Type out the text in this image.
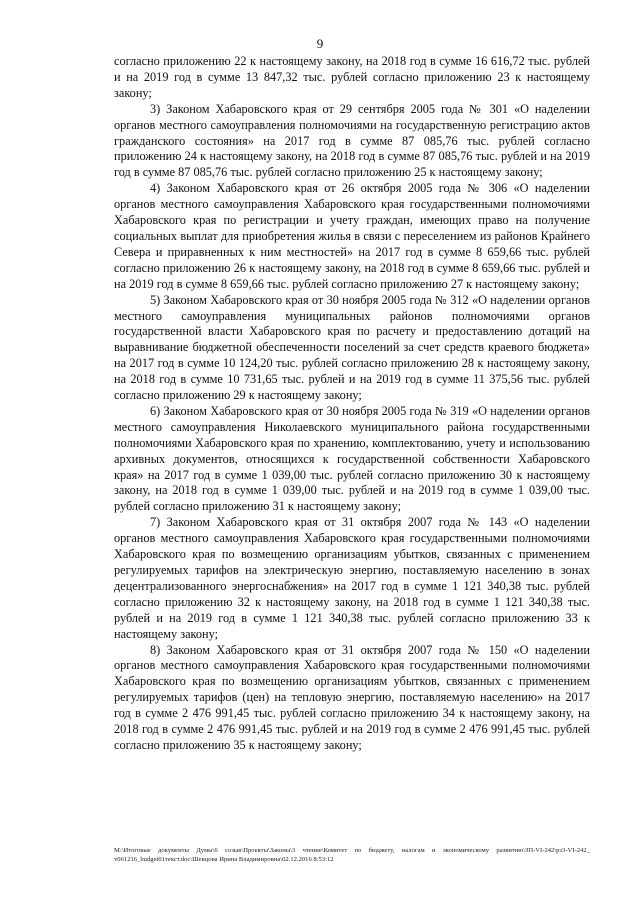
9

согласно приложению 22 к настоящему закону, на 2018 год в сумме 16 616,72 тыс. рублей и на 2019 год в сумме 13 847,32 тыс. рублей согласно приложению 23 к настоящему закону;

3) Законом Хабаровского края от 29 сентября 2005 года № 301 «О наделении органов местного самоуправления полномочиями на государственную регистрацию актов гражданского состояния» на 2017 год в сумме 87 085,76 тыс. рублей согласно приложению 24 к настоящему закону, на 2018 год в сумме 87 085,76 тыс. рублей и на 2019 год в сумме 87 085,76 тыс. рублей согласно приложению 25 к настоящему закону;

4) Законом Хабаровского края от 26 октября 2005 года № 306 «О наделении органов местного самоуправления Хабаровского края государственными полномочиями Хабаровского края по регистрации и учету граждан, имеющих право на получение социальных выплат для приобретения жилья в связи с переселением из районов Крайнего Севера и приравненных к ним местностей» на 2017 год в сумме 8 659,66 тыс. рублей согласно приложению 26 к настоящему закону, на 2018 год в сумме 8 659,66 тыс. рублей и на 2019 год в сумме 8 659,66 тыс. рублей согласно приложению 27 к настоящему закону;

5) Законом Хабаровского края от 30 ноября 2005 года № 312 «О наделении органов местного самоуправления муниципальных районов полномочиями органов государственной власти Хабаровского края по расчету и предоставлению дотаций на выравнивание бюджетной обеспеченности поселений за счет средств краевого бюджета» на 2017 год в сумме 10 124,20 тыс. рублей согласно приложению 28 к настоящему закону, на 2018 год в сумме 10 731,65 тыс. рублей и на 2019 год в сумме 11 375,56 тыс. рублей согласно приложению 29 к настоящему закону;

6) Законом Хабаровского края от 30 ноября 2005 года № 319 «О наделении органов местного самоуправления Николаевского муниципального района государственными полномочиями Хабаровского края по хранению, комплектованию, учету и использованию архивных документов, относящихся к государственной собственности Хабаровского края» на 2017 год в сумме 1 039,00 тыс. рублей согласно приложению 30 к настоящему закону, на 2018 год в сумме 1 039,00 тыс. рублей и на 2019 год в сумме 1 039,00 тыс. рублей согласно приложению 31 к настоящему закону;

7) Законом Хабаровского края от 31 октября 2007 года № 143 «О наделении органов местного самоуправления Хабаровского края государственными полномочиями Хабаровского края по возмещению организациям убытков, связанных с применением регулируемых тарифов на электрическую энергию, поставляемую населению в зонах децентрализованного энергоснабжения» на 2017 год в сумме 1 121 340,38 тыс. рублей согласно приложению 32 к настоящему закону, на 2018 год в сумме 1 121 340,38 тыс. рублей и на 2019 год в сумме 1 121 340,38 тыс. рублей согласно приложению 33 к настоящему закону;

8) Законом Хабаровского края от 31 октября 2007 года № 150 «О наделении органов местного самоуправления Хабаровского края государственными полномочиями Хабаровского края по возмещению организациям убытков, связанных с применением регулируемых тарифов (цен) на тепловую энергию, поставляемую населению» на 2017 год в сумме 2 476 991,45 тыс. рублей согласно приложению 34 к настоящему закону, на 2018 год в сумме 2 476 991,45 тыс. рублей и на 2019 год в сумме 2 476 991,45 тыс. рублей согласно приложению 35 к настоящему закону;

M:\Итоговые документы Думы\6 созыв\Проекты\Законы\3 чтение\Комитет по бюджету, налогам и экономическому развитию\ЗП-VI-242\рз3-VI-242_ v061216_budget01текст.doc\Шевцова Ирина Владимировна\02.12.2016 8:53:12
